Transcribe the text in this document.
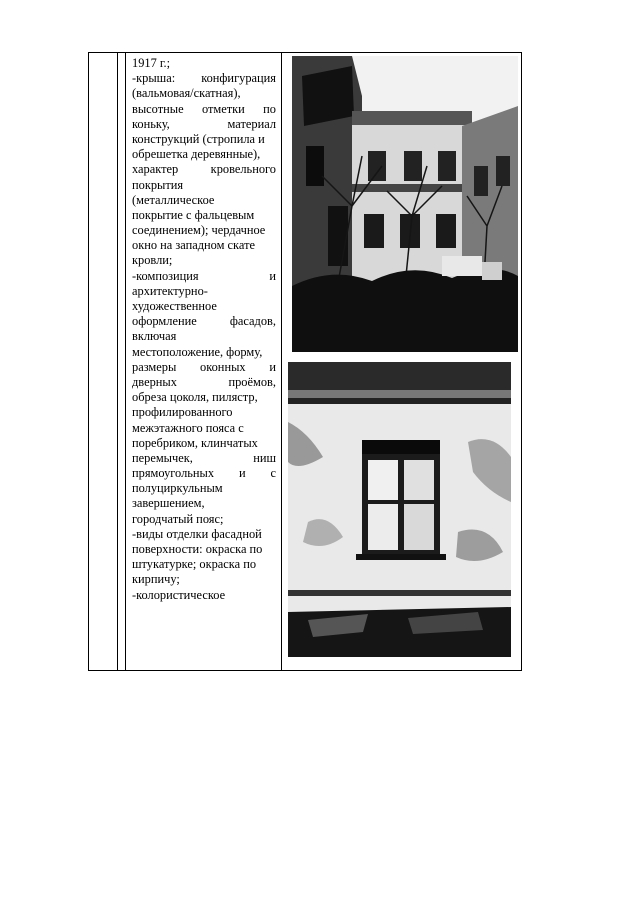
1917 г.;
-крыша: конфигурация
(вальмовая/скатная),
высотные отметки по
коньку,	материал
конструкций (стропила и
обрешетка деревянные),
характер	кровельного
покрытия
(металлическое
покрытие с фальцевым
соединением); чердачное
окно на западном скате
кровли;
-композиция	и
архитектурно-
художественное
оформление	фасадов,
включая
местоположение, форму,
размеры оконных и
дверных	проёмов,
обреза цоколя, пилястр,
профилированного
межэтажного пояса с
поребриком, клинчатых
перемычек,	ниш
прямоугольных и с
полуциркульным
завершением,
городчатый пояс;
-виды отделки фасадной
поверхности: окраска по
штукатурке; окраска по
кирпичу;
-колористическое
